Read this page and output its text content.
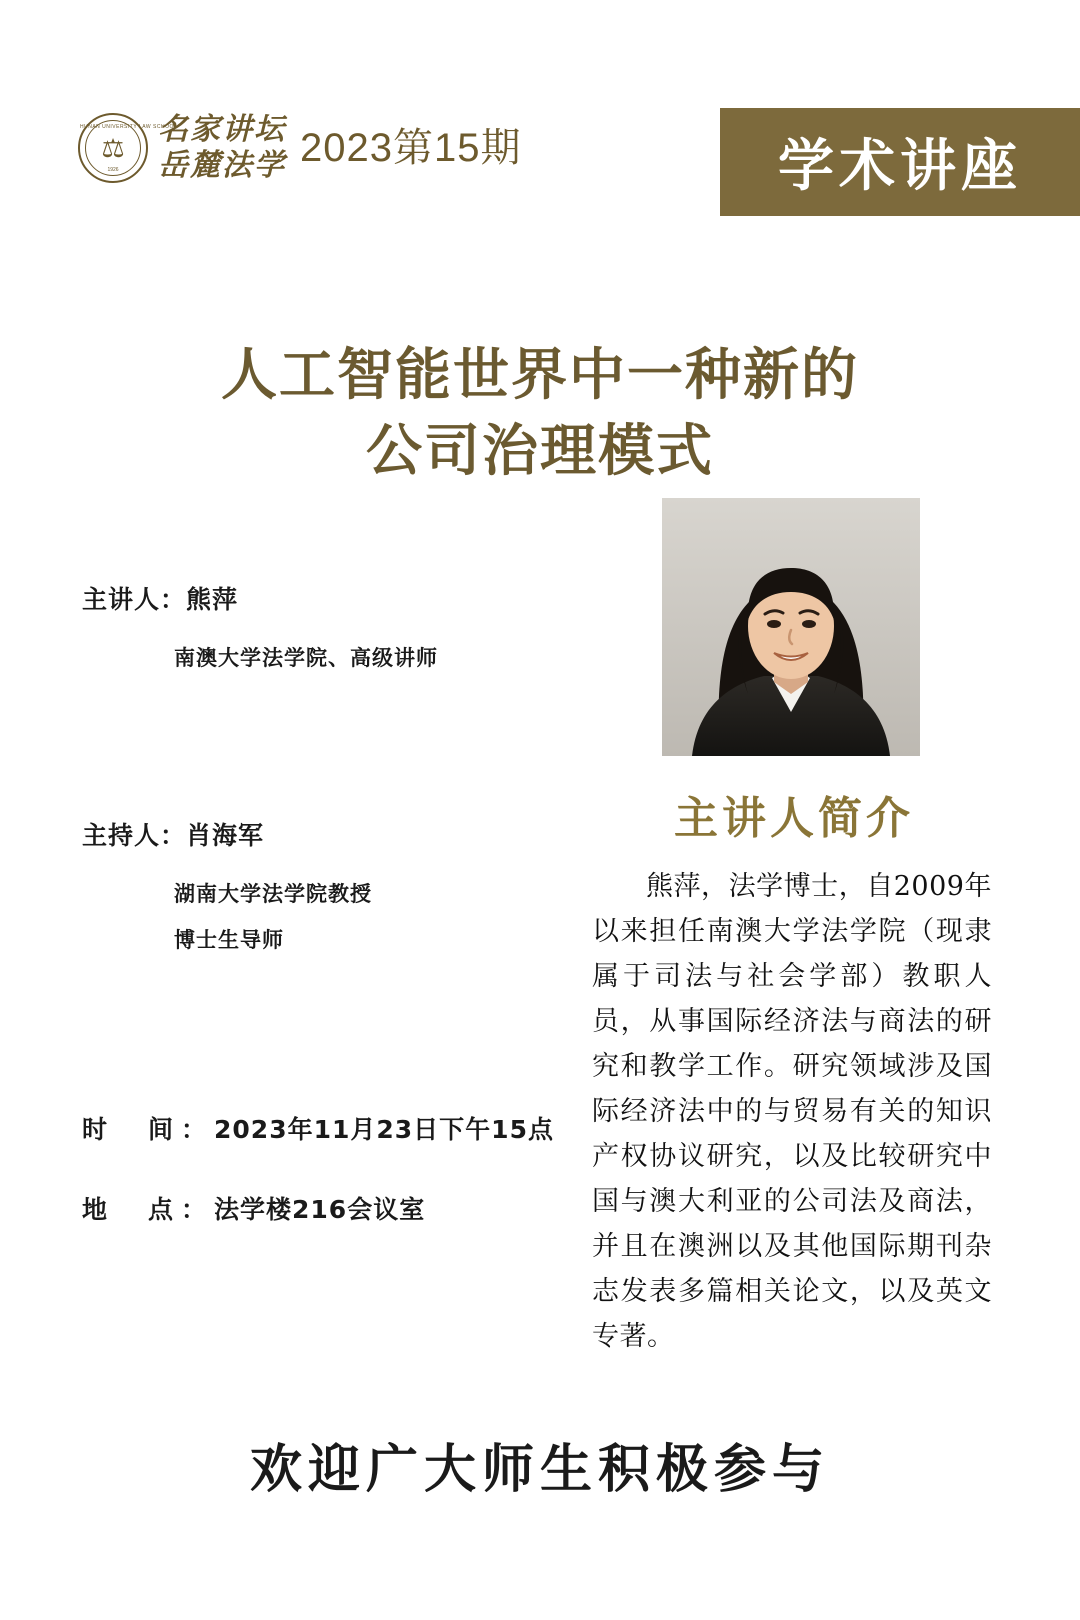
HUNAN UNIVERSITY LAW SCHOOL
⚖
1926
名家讲坛
岳麓法学 2023第15期	学术讲座
人工智能世界中一种新的
公司治理模式
主讲人：熊萍
南澳大学法学院、高级讲师
主持人：肖海军
湖南大学法学院教授
博士生导师
时　间：2023年11月23日下午15点
地　点：法学楼216会议室
主讲人简介
熊萍，法学博士，自2009年以来担任南澳大学法学院（现隶属于司法与社会学部）教职人员，从事国际经济法与商法的研究和教学工作。研究领域涉及国际经济法中的与贸易有关的知识产权协议研究，以及比较研究中国与澳大利亚的公司法及商法，并且在澳洲以及其他国际期刊杂志发表多篇相关论文，以及英文专著。
欢迎广大师生积极参与
